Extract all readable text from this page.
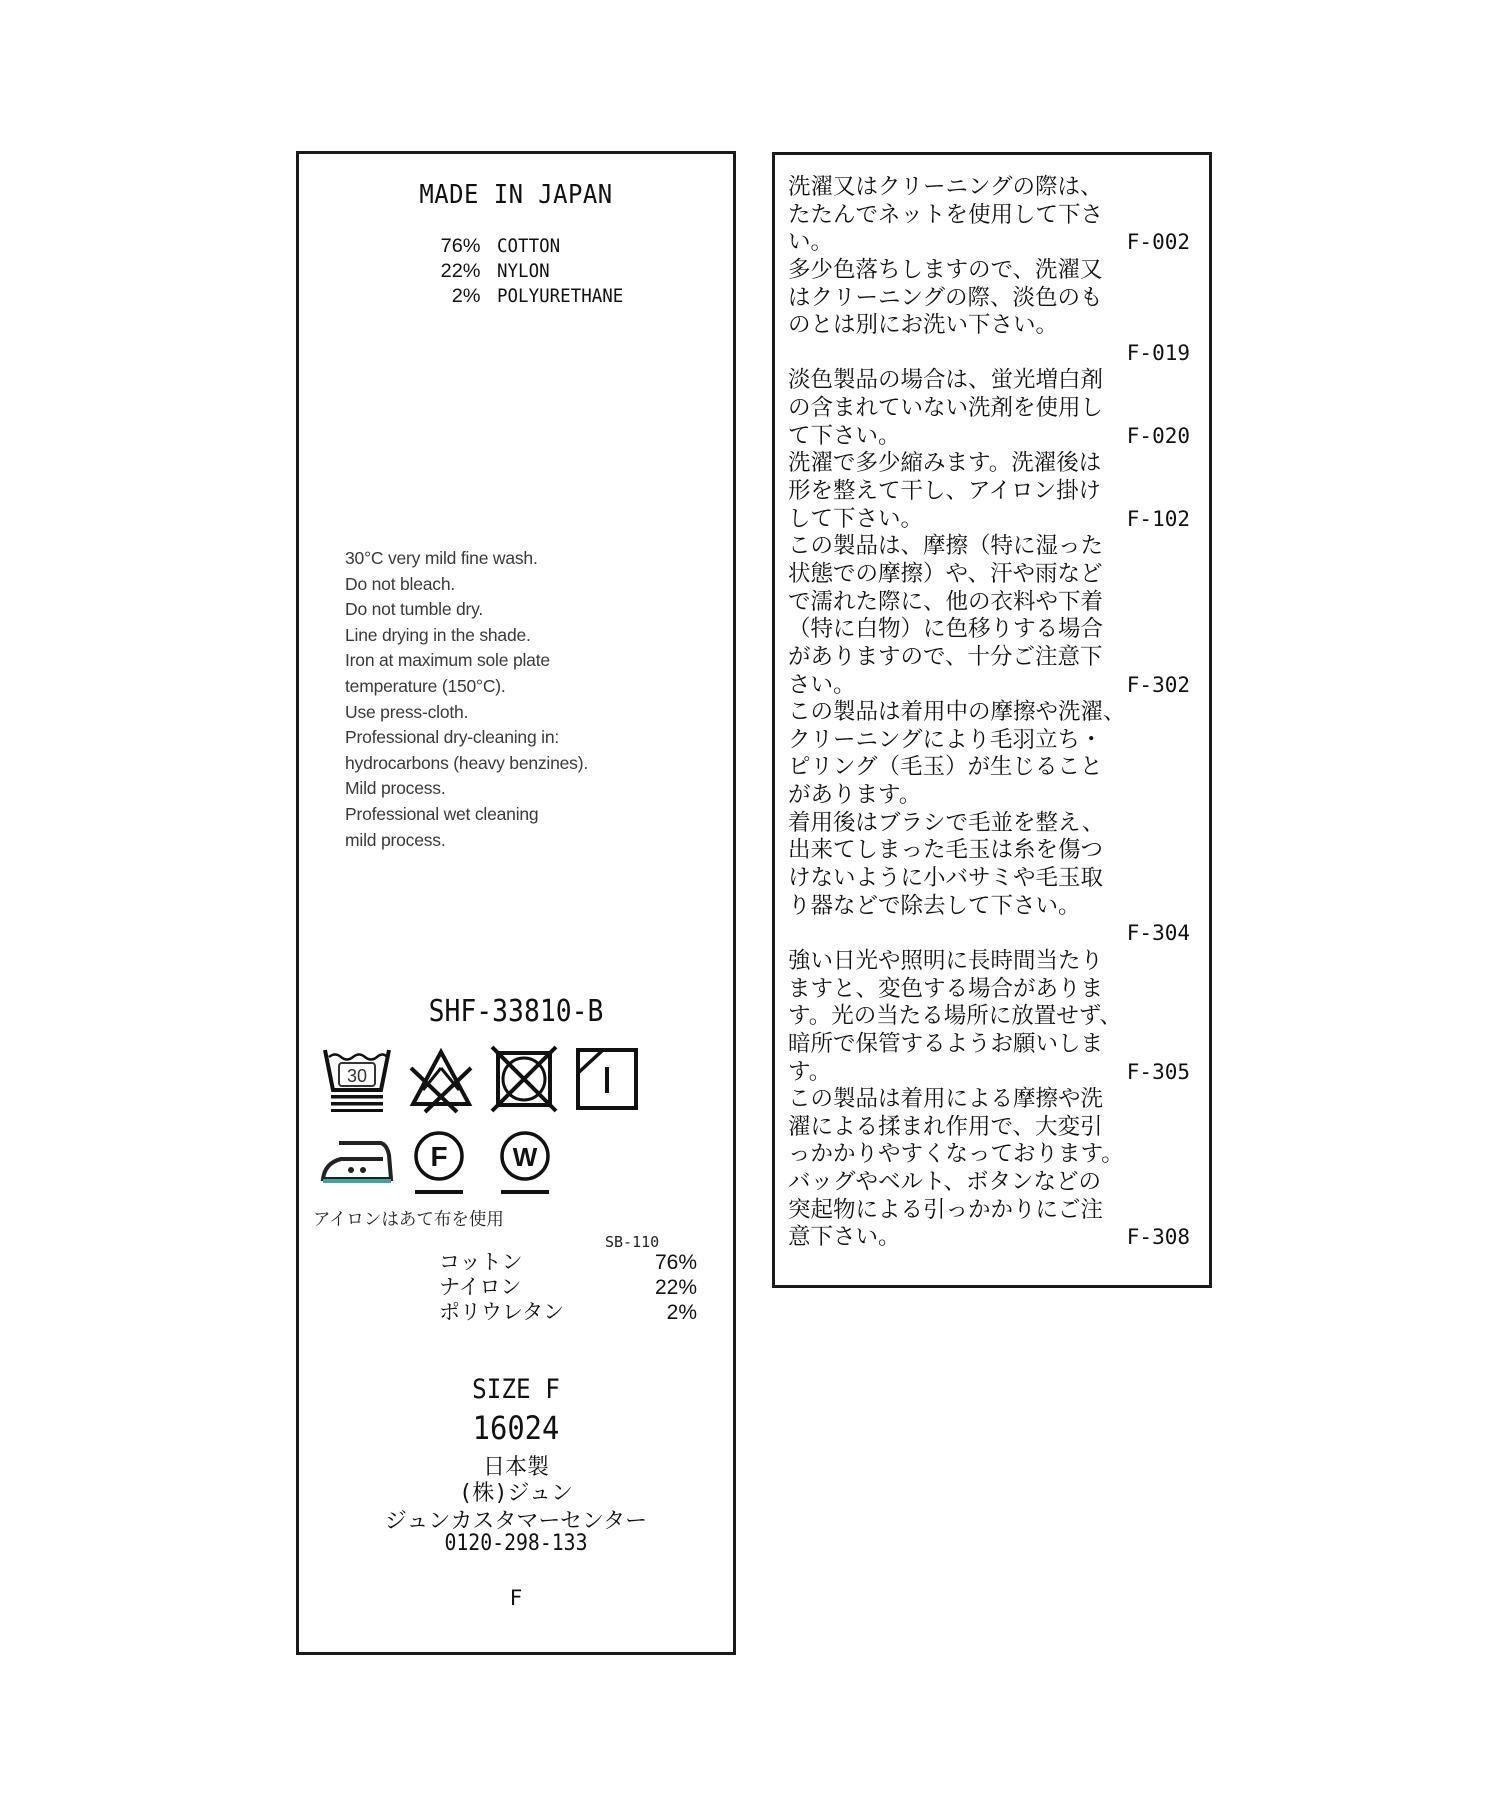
MADE IN JAPAN
76% COTTON
22% NYLON
2% POLYURETHANE
30°C very mild fine wash.
Do not bleach.
Do not tumble dry.
Line drying in the shade.
Iron at maximum sole plate
temperature (150°C).
Use press-cloth.
Professional dry-cleaning in:
hydrocarbons (heavy benzines).
Mild process.
Professional wet cleaning
mild process.
SHF-33810-B
30
F	W
アイロンはあて布を使用
SB-110
コットン	76%
ナイロン	22%
ポリウレタン	2%
SIZE F
16024
日本製
(株)ジュン
ジュンカスタマーセンター
0120-298-133
F
洗濯又はクリーニングの際は、
たたんでネットを使用して下さ
い。	F-002
多少色落ちしますので、洗濯又
はクリーニングの際、淡色のも
のとは別にお洗い下さい。
F-019
淡色製品の場合は、蛍光増白剤
の含まれていない洗剤を使用し
て下さい。	F-020
洗濯で多少縮みます。洗濯後は
形を整えて干し、アイロン掛け
して下さい。	F-102
この製品は、摩擦（特に湿った
状態での摩擦）や、汗や雨など
で濡れた際に、他の衣料や下着
（特に白物）に色移りする場合
がありますので、十分ご注意下
さい。	F-302
この製品は着用中の摩擦や洗濯、
クリーニングにより毛羽立ち・
ピリング（毛玉）が生じること
があります。
着用後はブラシで毛並を整え、
出来てしまった毛玉は糸を傷つ
けないように小バサミや毛玉取
り器などで除去して下さい。
F-304
強い日光や照明に長時間当たり
ますと、変色する場合がありま
す。光の当たる場所に放置せず、
暗所で保管するようお願いしま
す。	F-305
この製品は着用による摩擦や洗
濯による揉まれ作用で、大変引
っかかりやすくなっております。
バッグやベルト、ボタンなどの
突起物による引っかかりにご注
意下さい。	F-308
